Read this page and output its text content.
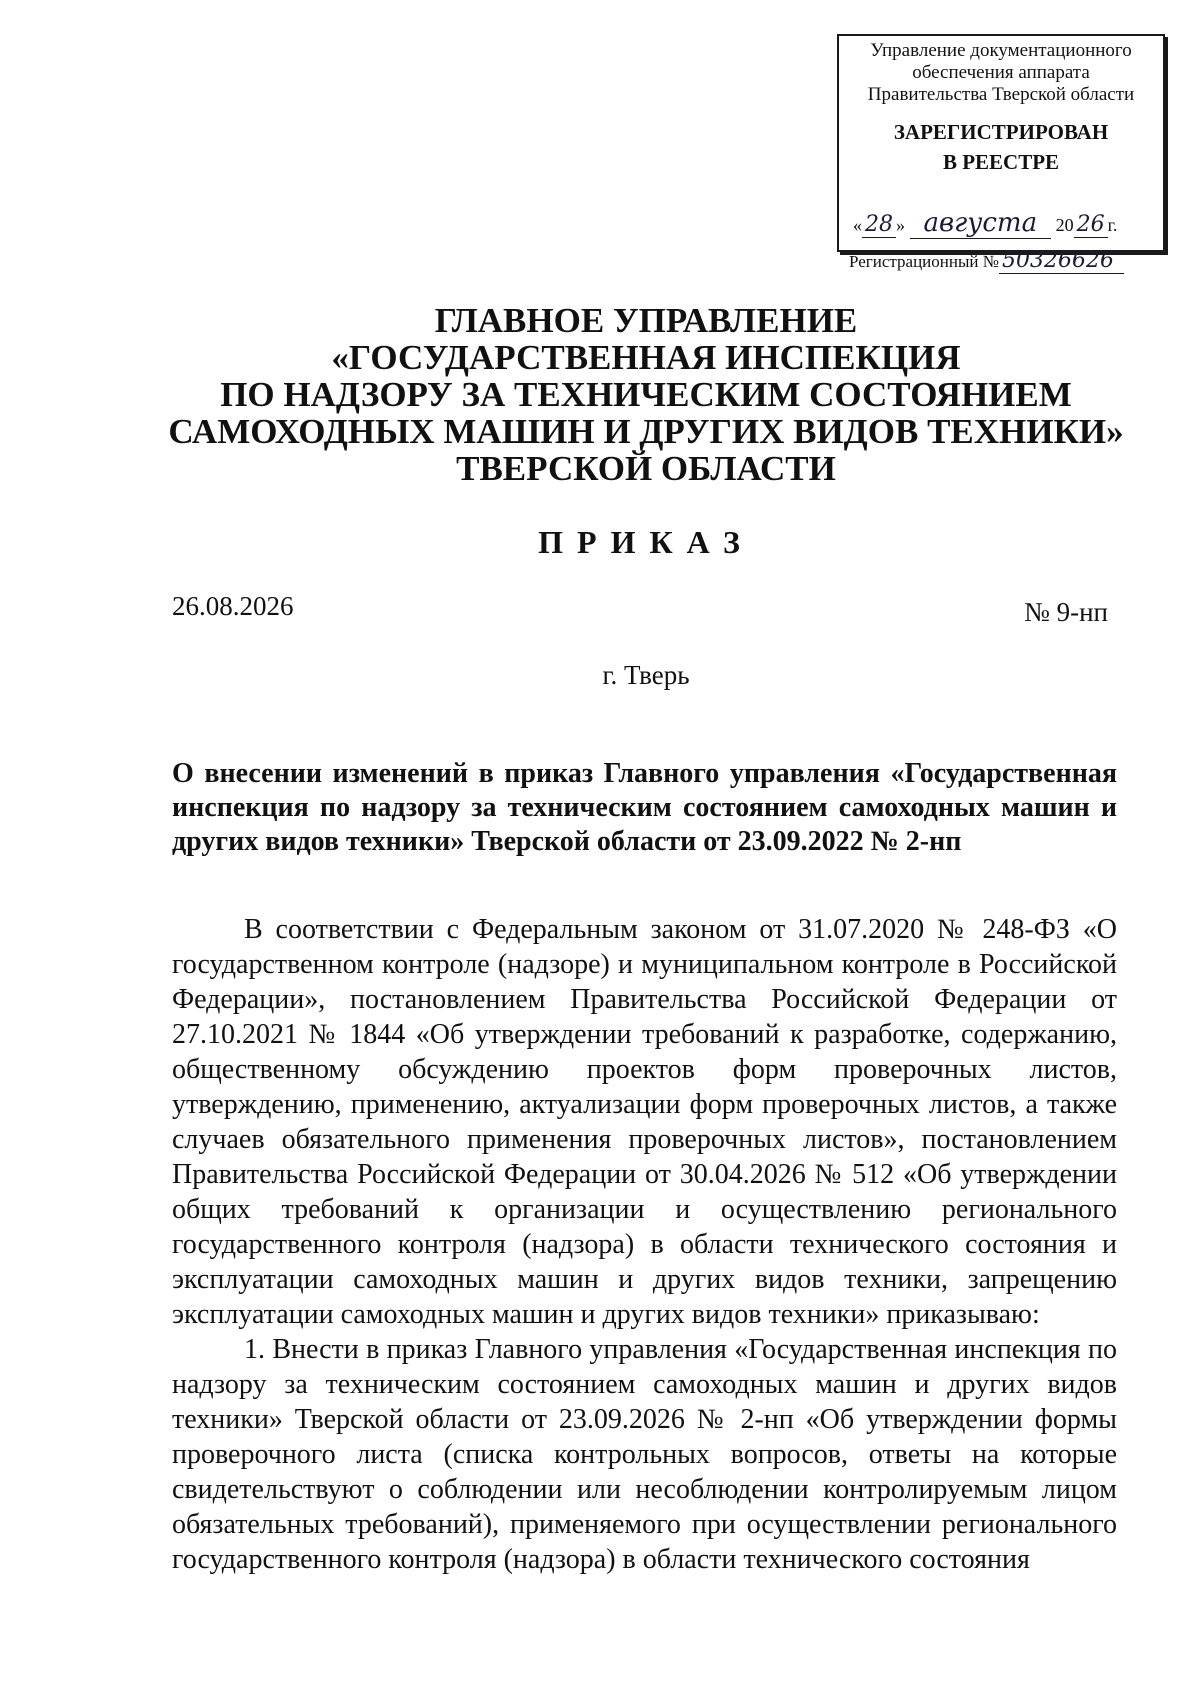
Управление документационного
обеспечения аппарата
Правительства Тверской области
ЗАРЕГИСТРИРОВАН
В РЕЕСТРЕ
« 28 » августа 20 26 г.
Регистрационный № 50326626
ГЛАВНОЕ УПРАВЛЕНИЕ
«ГОСУДАРСТВЕННАЯ ИНСПЕКЦИЯ
ПО НАДЗОРУ ЗА ТЕХНИЧЕСКИМ СОСТОЯНИЕМ
САМОХОДНЫХ МАШИН И ДРУГИХ ВИДОВ ТЕХНИКИ»
ТВЕРСКОЙ ОБЛАСТИ
ПРИКАЗ
26.08.2026	№ 9-нп
г. Тверь
О внесении изменений в приказ Главного управления «Государственная инспекция по надзору за техническим состоянием самоходных машин и других видов техники» Тверской области от 23.09.2022 № 2-нп

В соответствии с Федеральным законом от 31.07.2020 № 248-ФЗ «О государственном контроле (надзоре) и муниципальном контроле в Российской Федерации», постановлением Правительства Российской Федерации от 27.10.2021 № 1844 «Об утверждении требований к разработке, содержанию, общественному обсуждению проектов форм проверочных листов, утверждению, применению, актуализации форм проверочных листов, а также случаев обязательного применения проверочных листов», постановлением Правительства Российской Федерации от 30.04.2026 № 512 «Об утверждении общих требований к организации и осуществлению регионального государственного контроля (надзора) в области технического состояния и эксплуатации самоходных машин и других видов техники, запрещению эксплуатации самоходных машин и других видов техники» приказываю:

1. Внести в приказ Главного управления «Государственная инспекция по надзору за техническим состоянием самоходных машин и других видов техники» Тверской области от 23.09.2026 № 2-нп «Об утверждении формы проверочного листа (списка контрольных вопросов, ответы на которые свидетельствуют о соблюдении или несоблюдении контролируемым лицом обязательных требований), применяемого при осуществлении регионального государственного контроля (надзора) в области технического состояния
